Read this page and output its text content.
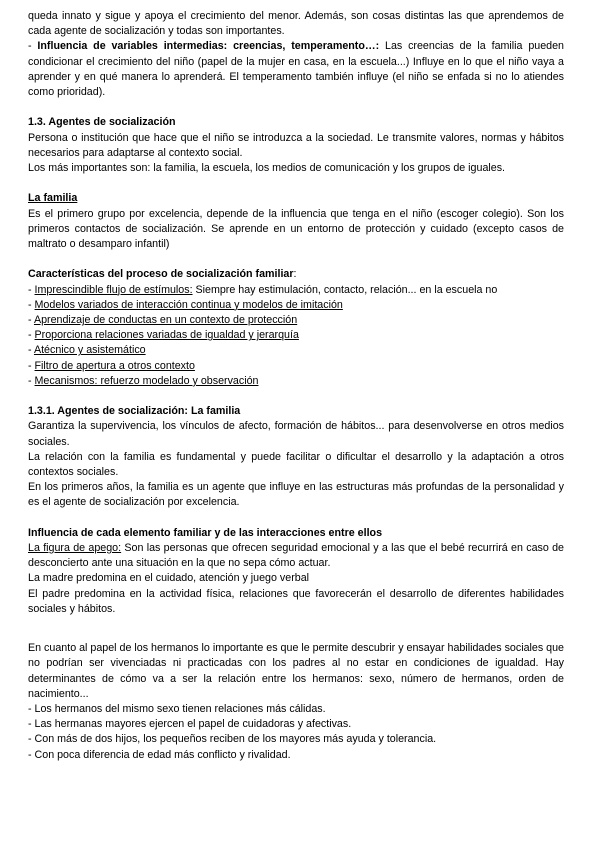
queda innato y sigue y apoya el crecimiento del menor. Además, son cosas distintas las que aprendemos de cada agente de socialización y todas son importantes.

- Influencia de variables intermedias: creencias, temperamento…: Las creencias de la familia pueden condicionar el crecimiento del niño (papel de la mujer en casa, en la escuela...) Influye en lo que el niño vaya a aprender y en qué manera lo aprenderá. El temperamento también influye (el niño se enfada si no lo atiendes como prioridad).

1.3. Agentes de socialización

Persona o institución que hace que el niño se introduzca a la sociedad. Le transmite valores, normas y hábitos necesarios para adaptarse al contexto social.

Los más importantes son: la familia, la escuela, los medios de comunicación y los grupos de iguales.

La familia

Es el primero grupo por excelencia, depende de la influencia que tenga en el niño (escoger colegio). Son los primeros contactos de socialización. Se aprende en un entorno de protección y cuidado (excepto casos de maltrato o desamparo infantil)

Características del proceso de socialización familiar:

- Imprescindible flujo de estímulos: Siempre hay estimulación, contacto, relación... en la escuela no

- Modelos variados de interacción continua y modelos de imitación

- Aprendizaje de conductas en un contexto de protección

- Proporciona relaciones variadas de igualdad y jerarquía

- Atécnico y asistemático

- Filtro de apertura a otros contexto

- Mecanismos: refuerzo modelado y observación

1.3.1. Agentes de socialización: La familia

Garantiza la supervivencia, los vínculos de afecto, formación de hábitos... para desenvolverse en otros medios sociales.

La relación con la familia es fundamental y puede facilitar o dificultar el desarrollo y la adaptación a otros contextos sociales.

En los primeros años, la familia es un agente que influye en las estructuras más profundas de la personalidad y es el agente de socialización por excelencia.

Influencia de cada elemento familiar y de las interacciones entre ellos

La figura de apego: Son las personas que ofrecen seguridad emocional y a las que el bebé recurrirá en caso de desconcierto ante una situación en la que no sepa cómo actuar.

La madre predomina en el cuidado, atención y juego verbal

El padre predomina en la actividad física, relaciones que favorecerán el desarrollo de diferentes habilidades sociales y hábitos.

En cuanto al papel de los hermanos lo importante es que le permite descubrir y ensayar habilidades sociales que no podrían ser vivenciadas ni practicadas con los padres al no estar en condiciones de igualdad. Hay determinantes de cómo va a ser la relación entre los hermanos: sexo, número de hermanos, orden de nacimiento...

- Los hermanos del mismo sexo tienen relaciones más cálidas.

- Las hermanas mayores ejercen el papel de cuidadoras y afectivas.

- Con más de dos hijos, los pequeños reciben de los mayores más ayuda y tolerancia.

- Con poca diferencia de edad más conflicto y rivalidad.
